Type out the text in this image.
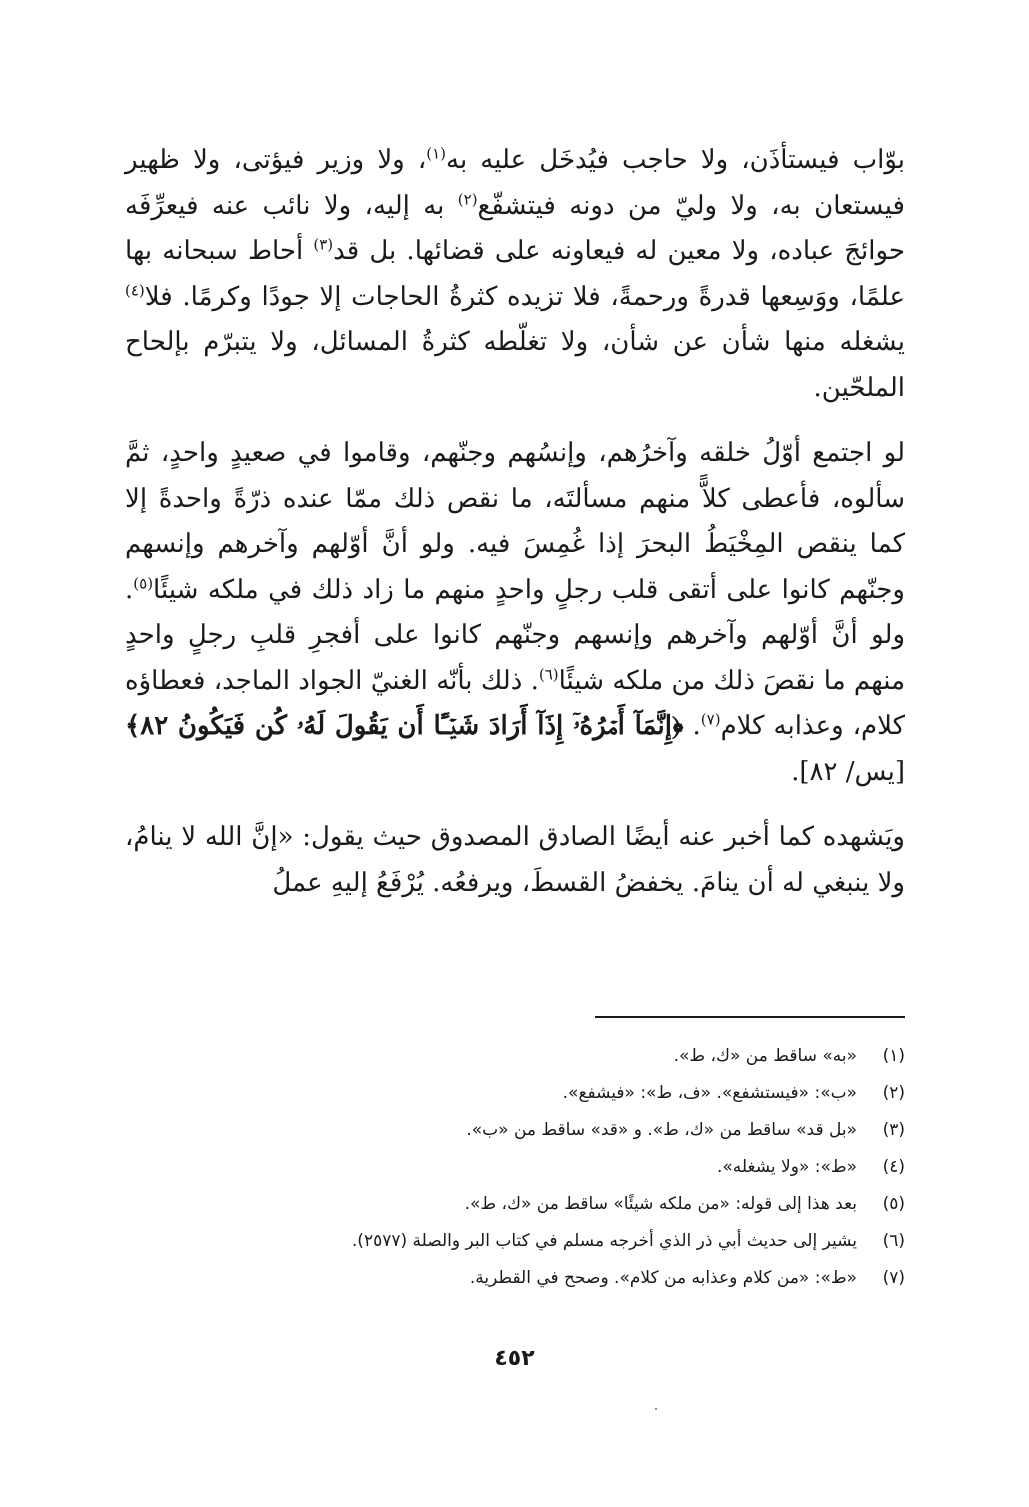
بوّاب فيستأذَن، ولا حاجب فيُدخَل عليه به$^{(١)}$، ولا وزير فيؤتى، ولا ظهير فيستعان به، ولا وليّ من دونه فيتشفّع$^{(٢)}$ به إليه، ولا نائب عنه فيعرِّفَه حوائجَ عباده، ولا معين له فيعاونه على قضائها. بل قد$^{(٣)}$ أحاط سبحانه بها علمًا، ووَسِعها قدرةً ورحمةً، فلا تزيده كثرةُ الحاجات إلا جودًا وكرمًا. فلا$^{(٤)}$ يشغله منها شأن عن شأن، ولا تغلّطه كثرةُ المسائل، ولا يتبرّم بإلحاح الملحّين.

لو اجتمع أوّلُ خلقه وآخرُهم، وإنسُهم وجنّهم، وقاموا في صعيدٍ واحدٍ، ثمَّ سألوه، فأعطى كلاًّ منهم مسألتَه، ما نقص ذلك ممّا عنده ذرّةً واحدةً إلا كما ينقص المِخْيَطُ البحرَ إذا غُمِسَ فيه. ولو أنَّ أوّلهم وآخرهم وإنسهم وجنّهم كانوا على أتقى قلب رجلٍ واحدٍ منهم ما زاد ذلك في ملكه شيئًا$^{(٥)}$. ولو أنَّ أوّلهم وآخرهم وإنسهم وجنّهم كانوا على أفجرِ قلبِ رجلٍ واحدٍ منهم ما نقصَ ذلك من ملكه شيئًا$^{(٦)}$. ذلك بأنّه الغنيّ الجواد الماجد، فعطاؤه كلام، وعذابه كلام$^{(٧)}$. ﴿إِنَّمَآ أَمۡرُهُۥٓ إِذَآ أَرَادَ شَيۡـًٔا أَن يَقُولَ لَهُۥ كُن فَيَكُونُ ٨٢﴾[يس/ ٨٢].

ويَشهده كما أخبر عنه أيضًا الصادق المصدوق حيث يقول: «إنَّ الله لا ينامُ، ولا ينبغي له أن ينامَ. يخفضُ القسطَ، ويرفعُه. يُرْفَعُ إليهِ عملُ

(١)
«به» ساقط من «ك، ط».
(٢)
«ب»: «فيستشفع». «ف، ط»: «فيشفع».
(٣)
«بل قد» ساقط من «ك، ط». و «قد» ساقط من «ب».
(٤)
«ط»: «ولا يشغله».
(٥)
بعد هذا إلى قوله: «من ملكه شيئًا» ساقط من «ك، ط».
(٦)
يشير إلى حديث أبي ذر الذي أخرجه مسلم في كتاب البر والصلة (٢٥٧٧).
(٧)
«ط»: «من كلام وعذابه من كلام». وصحح في القطرية.
٤٥٢
